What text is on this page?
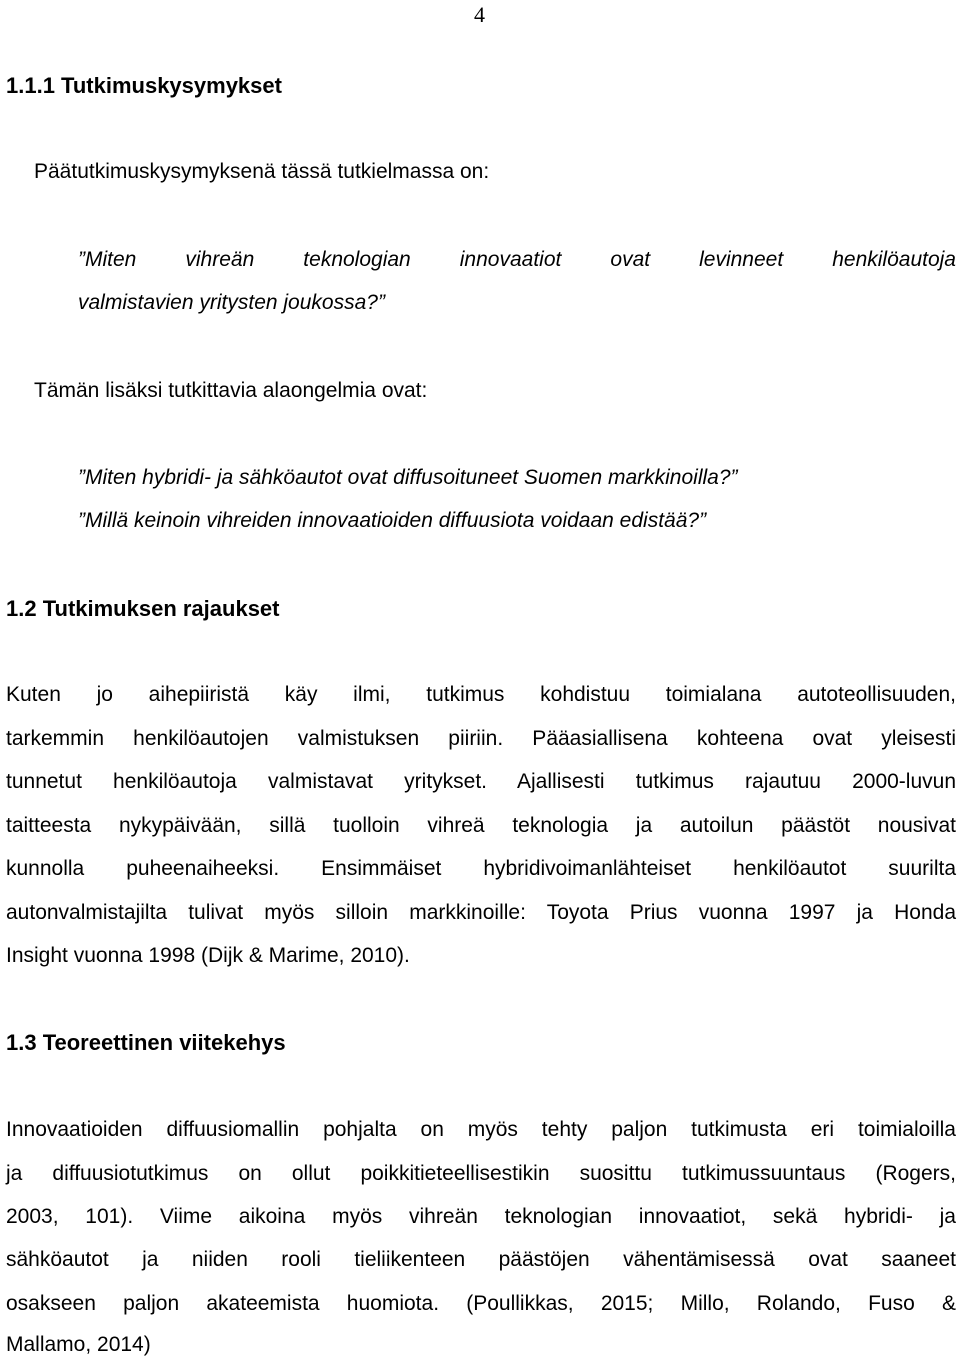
4
1.1.1 Tutkimuskysymykset
Päätutkimuskysymyksenä tässä tutkielmassa on:
”Miten vihreän teknologian innovaatiot ovat levinneet henkilöautoja
valmistavien yritysten joukossa?”
Tämän lisäksi tutkittavia alaongelmia ovat:
”Miten hybridi- ja sähköautot ovat diffusoituneet Suomen markkinoilla?”
”Millä keinoin vihreiden innovaatioiden diffuusiota voidaan edistää?”
1.2 Tutkimuksen rajaukset
Kuten jo aihepiiristä käy ilmi, tutkimus kohdistuu toimialana autoteollisuuden,
tarkemmin henkilöautojen valmistuksen piiriin. Pääasiallisena kohteena ovat yleisesti
tunnetut henkilöautoja valmistavat yritykset. Ajallisesti tutkimus rajautuu 2000-luvun
taitteesta nykypäivään, sillä tuolloin vihreä teknologia ja autoilun päästöt nousivat
kunnolla puheenaiheeksi. Ensimmäiset hybridivoimanlähteiset henkilöautot suurilta
autonvalmistajilta tulivat myös silloin markkinoille: Toyota Prius vuonna 1997 ja Honda
Insight vuonna 1998 (Dijk & Marime, 2010).
1.3 Teoreettinen viitekehys
Innovaatioiden diffuusiomallin pohjalta on myös tehty paljon tutkimusta eri toimialoilla
ja diffuusiotutkimus on ollut poikkitieteellisestikin suosittu tutkimussuuntaus (Rogers,
2003, 101). Viime aikoina myös vihreän teknologian innovaatiot, sekä hybridi- ja
sähköautot ja niiden rooli tieliikenteen päästöjen vähentämisessä ovat saaneet
osakseen paljon akateemista huomiota. (Poullikkas, 2015; Millo, Rolando, Fuso &
Mallamo, 2014)
